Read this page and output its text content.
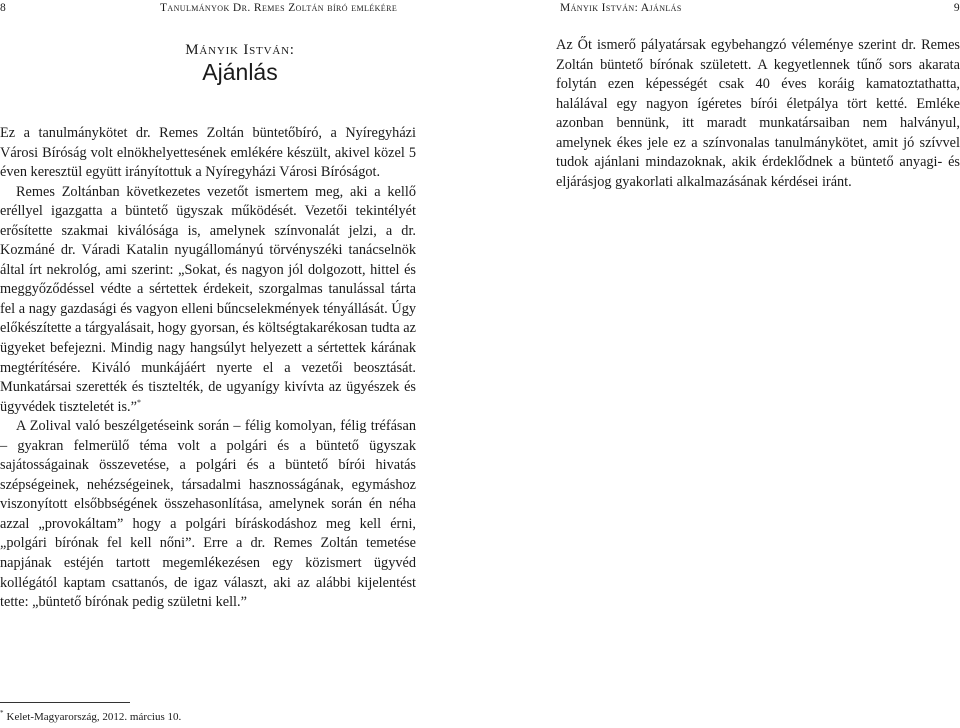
8	Tanulmányok Dr. Remes Zoltán bíró emlékére
Mányik István:
Ajánlás

Ez a tanulmánykötet dr. Remes Zoltán büntetőbíró, a Nyíregyházi Városi Bíróság volt elnökhelyettesének emlékére készült, akivel közel 5 éven keresztül együtt irányítottuk a Nyíregyházi Városi Bíróságot.

Remes Zoltánban következetes vezetőt ismertem meg, aki a kellő eréllyel igazgatta a büntető ügyszak működését. Vezetői tekintélyét erősítette szakmai kiválósága is, amelynek színvonalát jelzi, a dr. Kozmáné dr. Váradi Katalin nyugállományú törvényszéki tanácselnök által írt nekrológ, ami szerint: „Sokat, és nagyon jól dolgozott, hittel és meggyőződéssel védte a sértettek érdekeit, szorgalmas tanulással tárta fel a nagy gazdasági és vagyon elleni bűncselekmények tényállását. Úgy előkészítette a tárgyalásait, hogy gyorsan, és költségtakarékosan tudta az ügyeket befejezni. Mindig nagy hangsúlyt helyezett a sértettek kárának megtérítésére. Kiváló munkájáért nyerte el a vezetői beosztását. Munkatársai szerették és tisztelték, de ugyanígy kivívta az ügyészek és ügyvédek tiszteletét is.”*

A Zolival való beszélgetéseink során – félig komolyan, félig tréfásan – gyakran felmerülő téma volt a polgári és a büntető ügyszak sajátosságainak összevetése, a polgári és a büntető bírói hivatás szépségeinek, nehézségeinek, társadalmi hasznosságának, egymáshoz viszonyított elsőbbségének összehasonlítása, amelynek során én néha azzal „provokáltam” hogy a polgári bíráskodáshoz meg kell érni, „polgári bírónak fel kell nőni”. Erre a dr. Remes Zoltán temetése napjának estéjén tartott megemlékezésen egy közismert ügyvéd kollégától kaptam csattanós, de igaz választ, aki az alábbi kijelentést tette: „büntető bírónak pedig születni kell.”

* Kelet-Magyarország, 2012. március 10.
Mányik István: Ajánlás	9

Az Őt ismerő pályatársak egybehangzó véleménye szerint dr. Remes Zoltán büntető bírónak született. A kegyetlennek tűnő sors akarata folytán ezen képességét csak 40 éves koráig kamatoztathatta, halálával egy nagyon ígéretes bírói életpálya tört ketté. Emléke azonban bennünk, itt maradt munkatársaiban nem halványul, amelynek ékes jele ez a színvonalas tanulmánykötet, amit jó szívvel tudok ajánlani mindazoknak, akik érdeklődnek a büntető anyagi- és eljárásjog gyakorlati alkalmazásának kérdései iránt.
